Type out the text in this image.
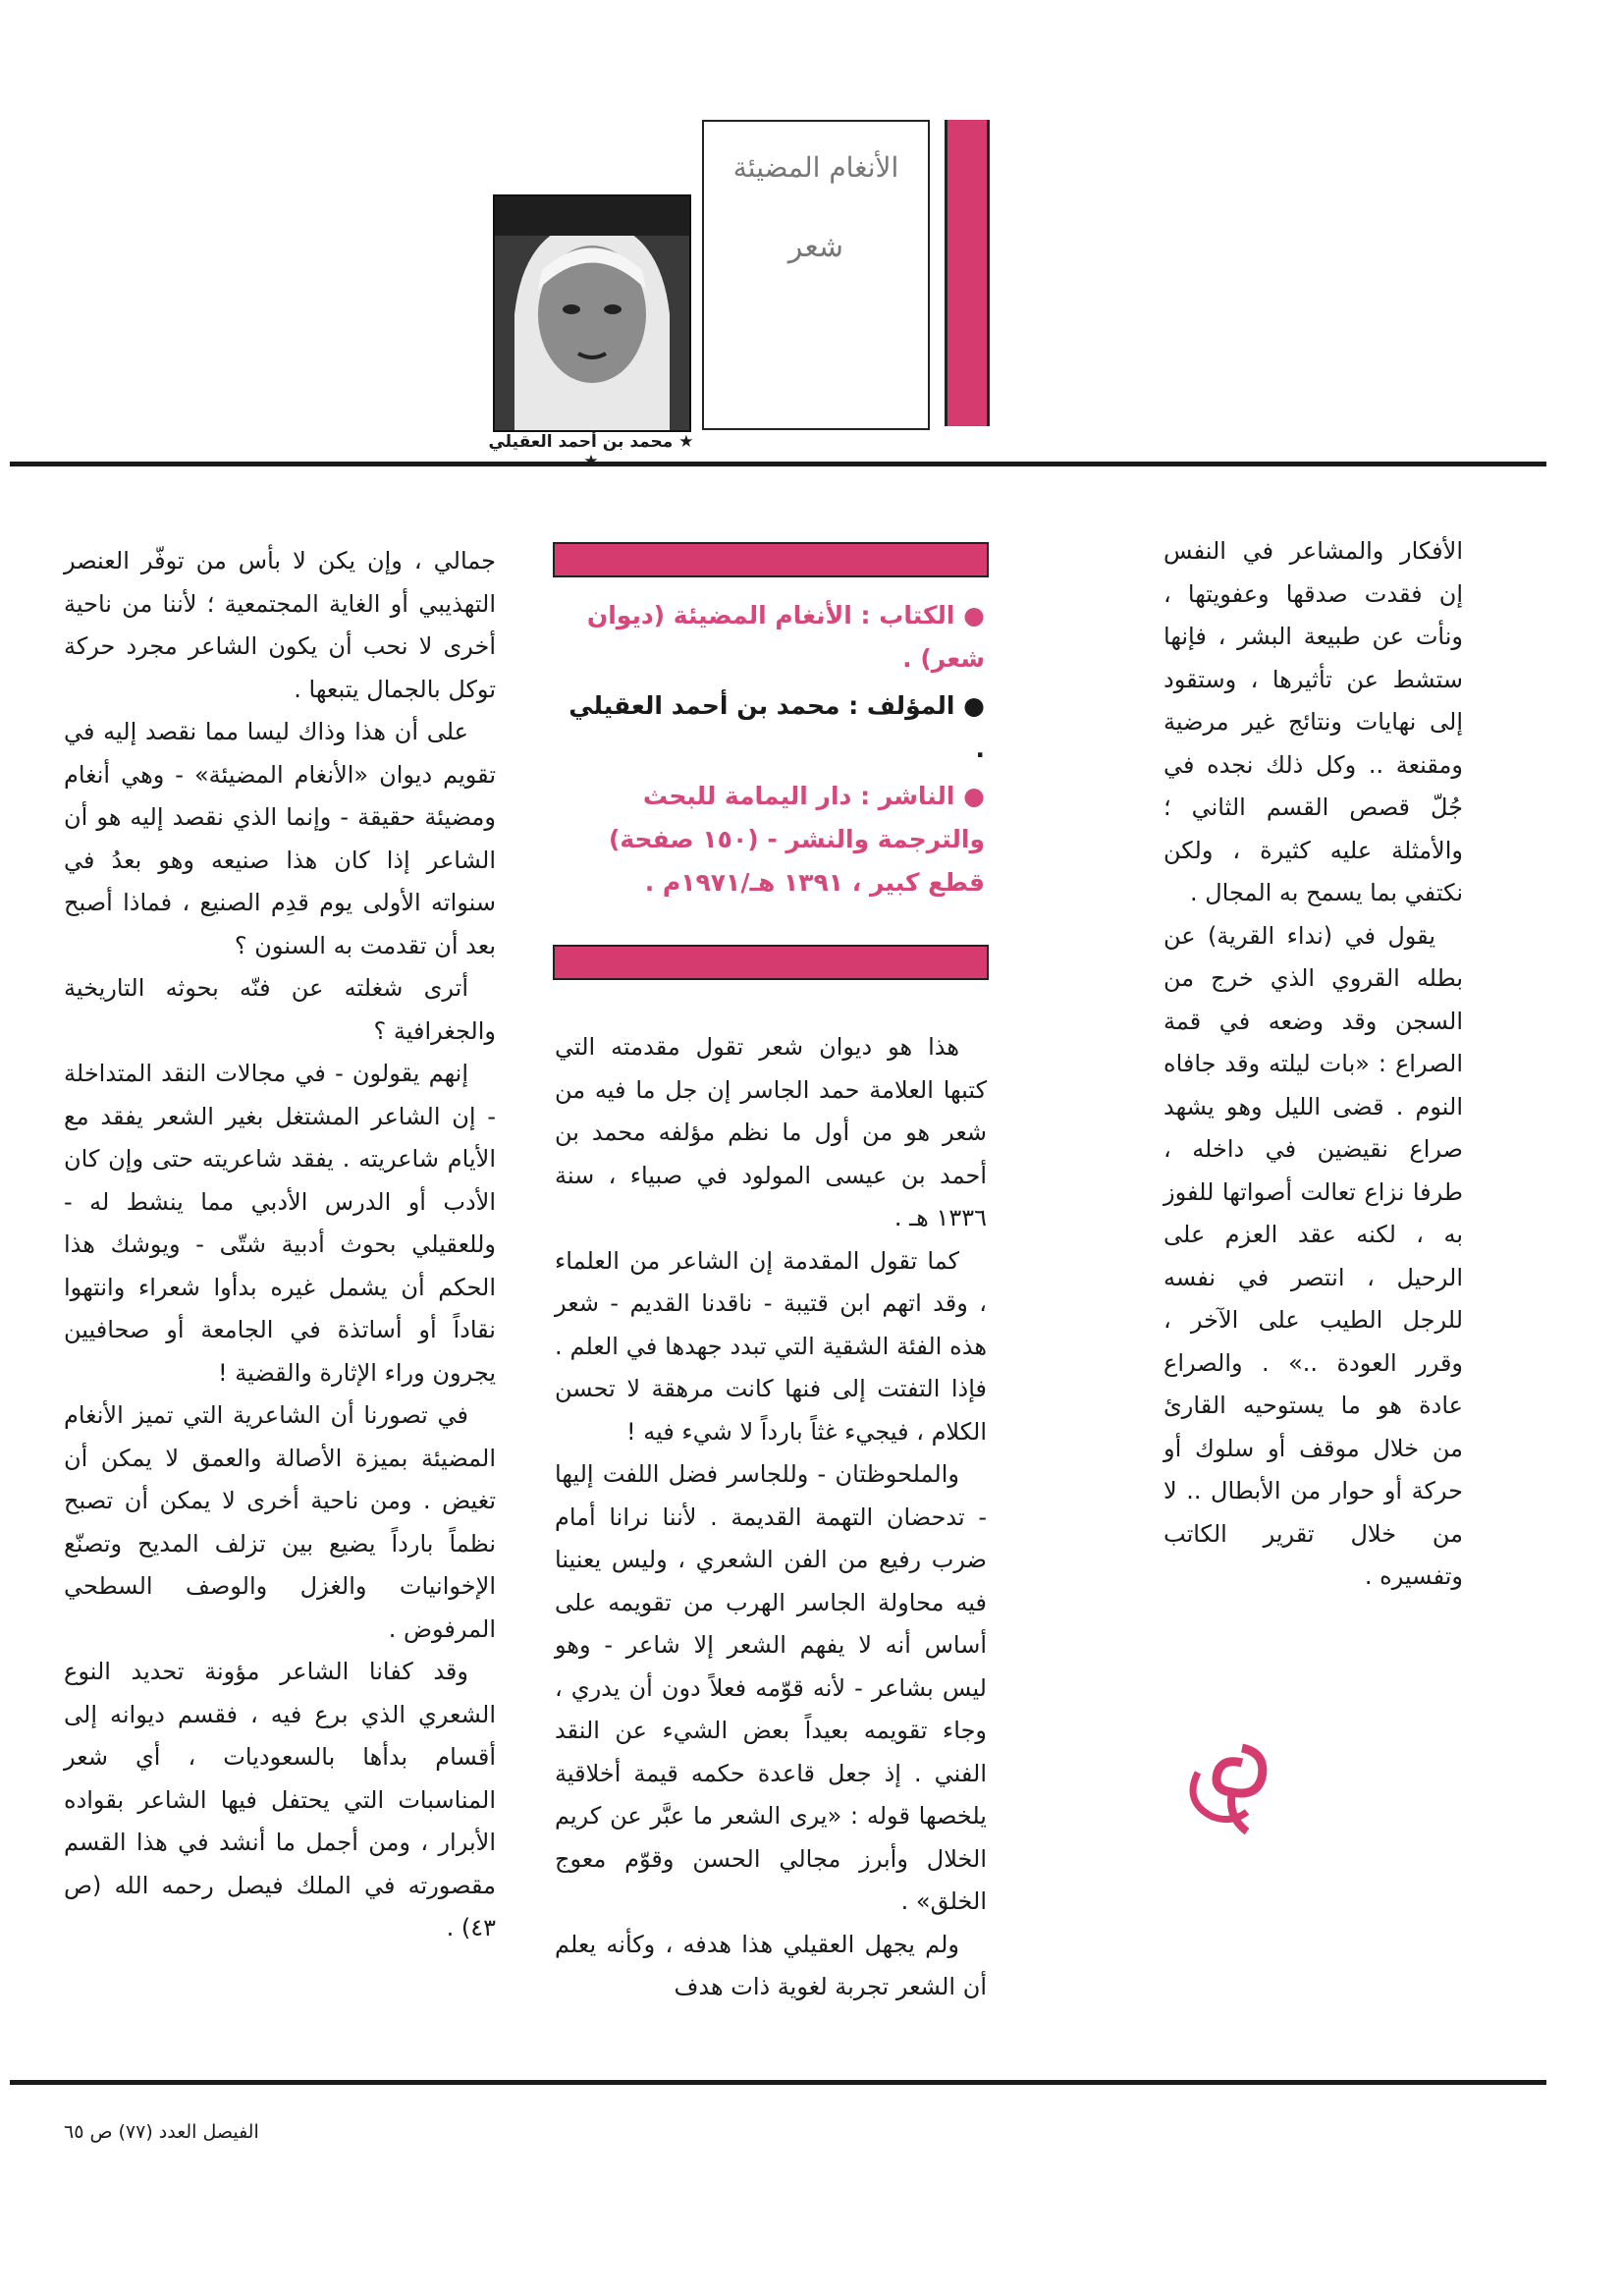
★ محمد بن أحمد العقيلي
الأنغام المضيئة
شعر

الأفكار والمشاعر في النفس إن فقدت صدقها وعفويتها ، ونأت عن طبيعة البشر ، فإنها ستشط عن تأثيرها ، وستقود إلى نهايات ونتائج غير مرضية ومقنعة .. وكل ذلك نجده في جُلّ قصص القسم الثاني ؛ والأمثلة عليه كثيرة ، ولكن نكتفي بما يسمح به المجال .

يقول في (نداء القرية) عن بطله القروي الذي خرج من السجن وقد وضعه في قمة الصراع : «بات ليلته وقد جافاه النوم . قضى الليل وهو يشهد صراع نقيضين في داخله ، طرفا نزاع تعالت أصواتها للفوز به ، لكنه عقد العزم على الرحيل ، انتصر في نفسه للرجل الطيب على الآخر ، وقرر العودة ..» . والصراع عادة هو ما يستوحيه القارئ من خلال موقف أو سلوك أو حركة أو حوار من الأبطال .. لا من خلال تقرير الكاتب وتفسيره .

● الكتاب : الأنغام المضيئة (ديوان شعر) .

● المؤلف : محمد بن أحمد العقيلي .

● الناشر : دار اليمامة للبحث والترجمة والنشر - (١٥٠ صفحة) قطع كبير ، ١٣٩١ هـ/١٩٧١م .

هذا هو ديوان شعر تقول مقدمته التي كتبها العلامة حمد الجاسر إن جل ما فيه من شعر هو من أول ما نظم مؤلفه محمد بن أحمد بن عيسى المولود في صبياء ، سنة ١٣٣٦ هـ .

كما تقول المقدمة إن الشاعر من العلماء ، وقد اتهم ابن قتيبة - ناقدنا القديم - شعر هذه الفئة الشقية التي تبدد جهدها في العلم . فإذا التفتت إلى فنها كانت مرهقة لا تحسن الكلام ، فيجيء غثاً بارداً لا شيء فيه !

والملحوظتان - وللجاسر فضل اللفت إليها - تدحضان التهمة القديمة . لأننا نرانا أمام ضرب رفيع من الفن الشعري ، وليس يعنينا فيه محاولة الجاسر الهرب من تقويمه على أساس أنه لا يفهم الشعر إلا شاعر - وهو ليس بشاعر - لأنه قوّمه فعلاً دون أن يدري ، وجاء تقويمه بعيداً بعض الشيء عن النقد الفني . إذ جعل قاعدة حكمه قيمة أخلاقية يلخصها قوله : «يرى الشعر ما عبَّر عن كريم الخلال وأبرز مجالي الحسن وقوّم معوج الخلق» .

ولم يجهل العقيلي هذا هدفه ، وكأنه يعلم أن الشعر تجربة لغوية ذات هدف

جمالي ، وإن يكن لا بأس من توفّر العنصر التهذيبي أو الغاية المجتمعية ؛ لأننا من ناحية أخرى لا نحب أن يكون الشاعر مجرد حركة توكل بالجمال يتبعها .

على أن هذا وذاك ليسا مما نقصد إليه في تقويم ديوان «الأنغام المضيئة» - وهي أنغام ومضيئة حقيقة - وإنما الذي نقصد إليه هو أن الشاعر إذا كان هذا صنيعه وهو بعدُ في سنواته الأولى يوم قدِم الصنيع ، فماذا أصبح بعد أن تقدمت به السنون ؟

أترى شغلته عن فنّه بحوثه التاريخية والجغرافية ؟

إنهم يقولون - في مجالات النقد المتداخلة - إن الشاعر المشتغل بغير الشعر يفقد مع الأيام شاعريته . يفقد شاعريته حتى وإن كان الأدب أو الدرس الأدبي مما ينشط له - وللعقيلي بحوث أدبية شتّى - ويوشك هذا الحكم أن يشمل غيره بدأوا شعراء وانتهوا نقاداً أو أساتذة في الجامعة أو صحافيين يجرون وراء الإثارة والقضية !

في تصورنا أن الشاعرية التي تميز الأنغام المضيئة بميزة الأصالة والعمق لا يمكن أن تغيض . ومن ناحية أخرى لا يمكن أن تصبح نظماً بارداً يضيع بين تزلف المديح وتصنّع الإخوانيات والغزل والوصف السطحي المرفوض .

وقد كفانا الشاعر مؤونة تحديد النوع الشعري الذي برع فيه ، فقسم ديوانه إلى أقسام بدأها بالسعوديات ، أي شعر المناسبات التي يحتفل فيها الشاعر بقواده الأبرار ، ومن أجمل ما أنشد في هذا القسم مقصورته في الملك فيصل رحمه الله (ص ٤٣) .

الفيصل العدد (٧٧) ص ٦٥
